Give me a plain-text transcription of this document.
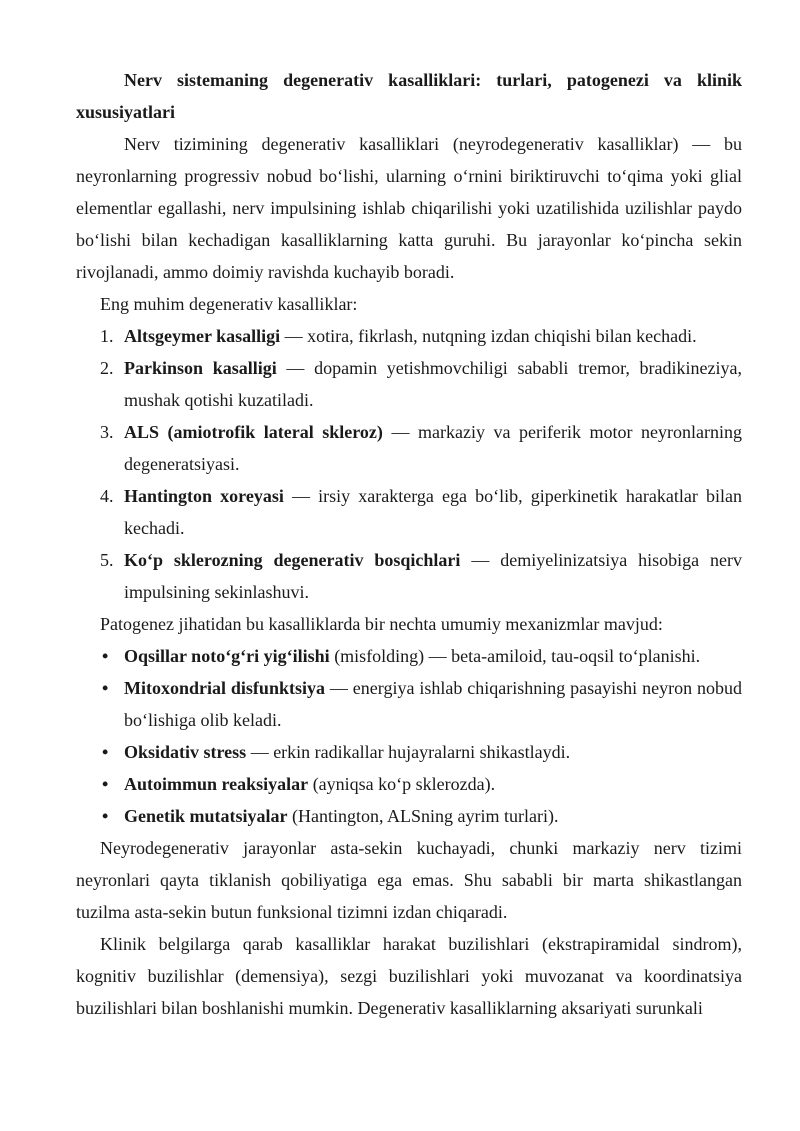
Nerv sistemaning degenerativ kasalliklari: turlari, patogenezi va klinik xususiyatlari

Nerv tizimining degenerativ kasalliklari (neyrodegenerativ kasalliklar) — bu neyronlarning progressiv nobud bo‘lishi, ularning o‘rnini biriktiruvchi to‘qima yoki glial elementlar egallashi, nerv impulsining ishlab chiqarilishi yoki uzatilishida uzilishlar paydo bo‘lishi bilan kechadigan kasalliklarning katta guruhi. Bu jarayonlar ko‘pincha sekin rivojlanadi, ammo doimiy ravishda kuchayib boradi.

Eng muhim degenerativ kasalliklar:

1. Altsgeymer kasalligi — xotira, fikrlash, nutqning izdan chiqishi bilan kechadi.
2. Parkinson kasalligi — dopamin yetishmovchiligi sababli tremor, bradikineziya, mushak qotishi kuzatiladi.
3. ALS (amiotrofik lateral skleroz) — markaziy va periferik motor neyronlarning degeneratsiyasi.
4. Hantington xoreyasi — irsiy xarakterga ega bo‘lib, giperkinetik harakatlar bilan kechadi.
5. Ko‘p sklerozning degenerativ bosqichlari — demiyelinizatsiya hisobiga nerv impulsining sekinlashuvi.

Patogenez jihatidan bu kasalliklarda bir nechta umumiy mexanizmlar mavjud:

• Oqsillar noto‘g‘ri yig‘ilishi (misfolding) — beta-amiloid, tau-oqsil to‘planishi.
• Mitoxondrial disfunktsiya — energiya ishlab chiqarishning pasayishi neyron nobud bo‘lishiga olib keladi.
• Oksidativ stress — erkin radikallar hujayralarni shikastlaydi.
• Autoimmun reaksiyalar (ayniqsa ko‘p sklerozda).
• Genetik mutatsiyalar (Hantington, ALSning ayrim turlari).

Neyrodegenerativ jarayonlar asta-sekin kuchayadi, chunki markaziy nerv tizimi neyronlari qayta tiklanish qobiliyatiga ega emas. Shu sababli bir marta shikastlangan tuzilma asta-sekin butun funksional tizimni izdan chiqaradi.

Klinik belgilarga qarab kasalliklar harakat buzilishlari (ekstrapiramidal sindrom), kognitiv buzilishlar (demensiya), sezgi buzilishlari yoki muvozanat va koordinatsiya buzilishlari bilan boshlanishi mumkin. Degenerativ kasalliklarning aksariyati surunkali
